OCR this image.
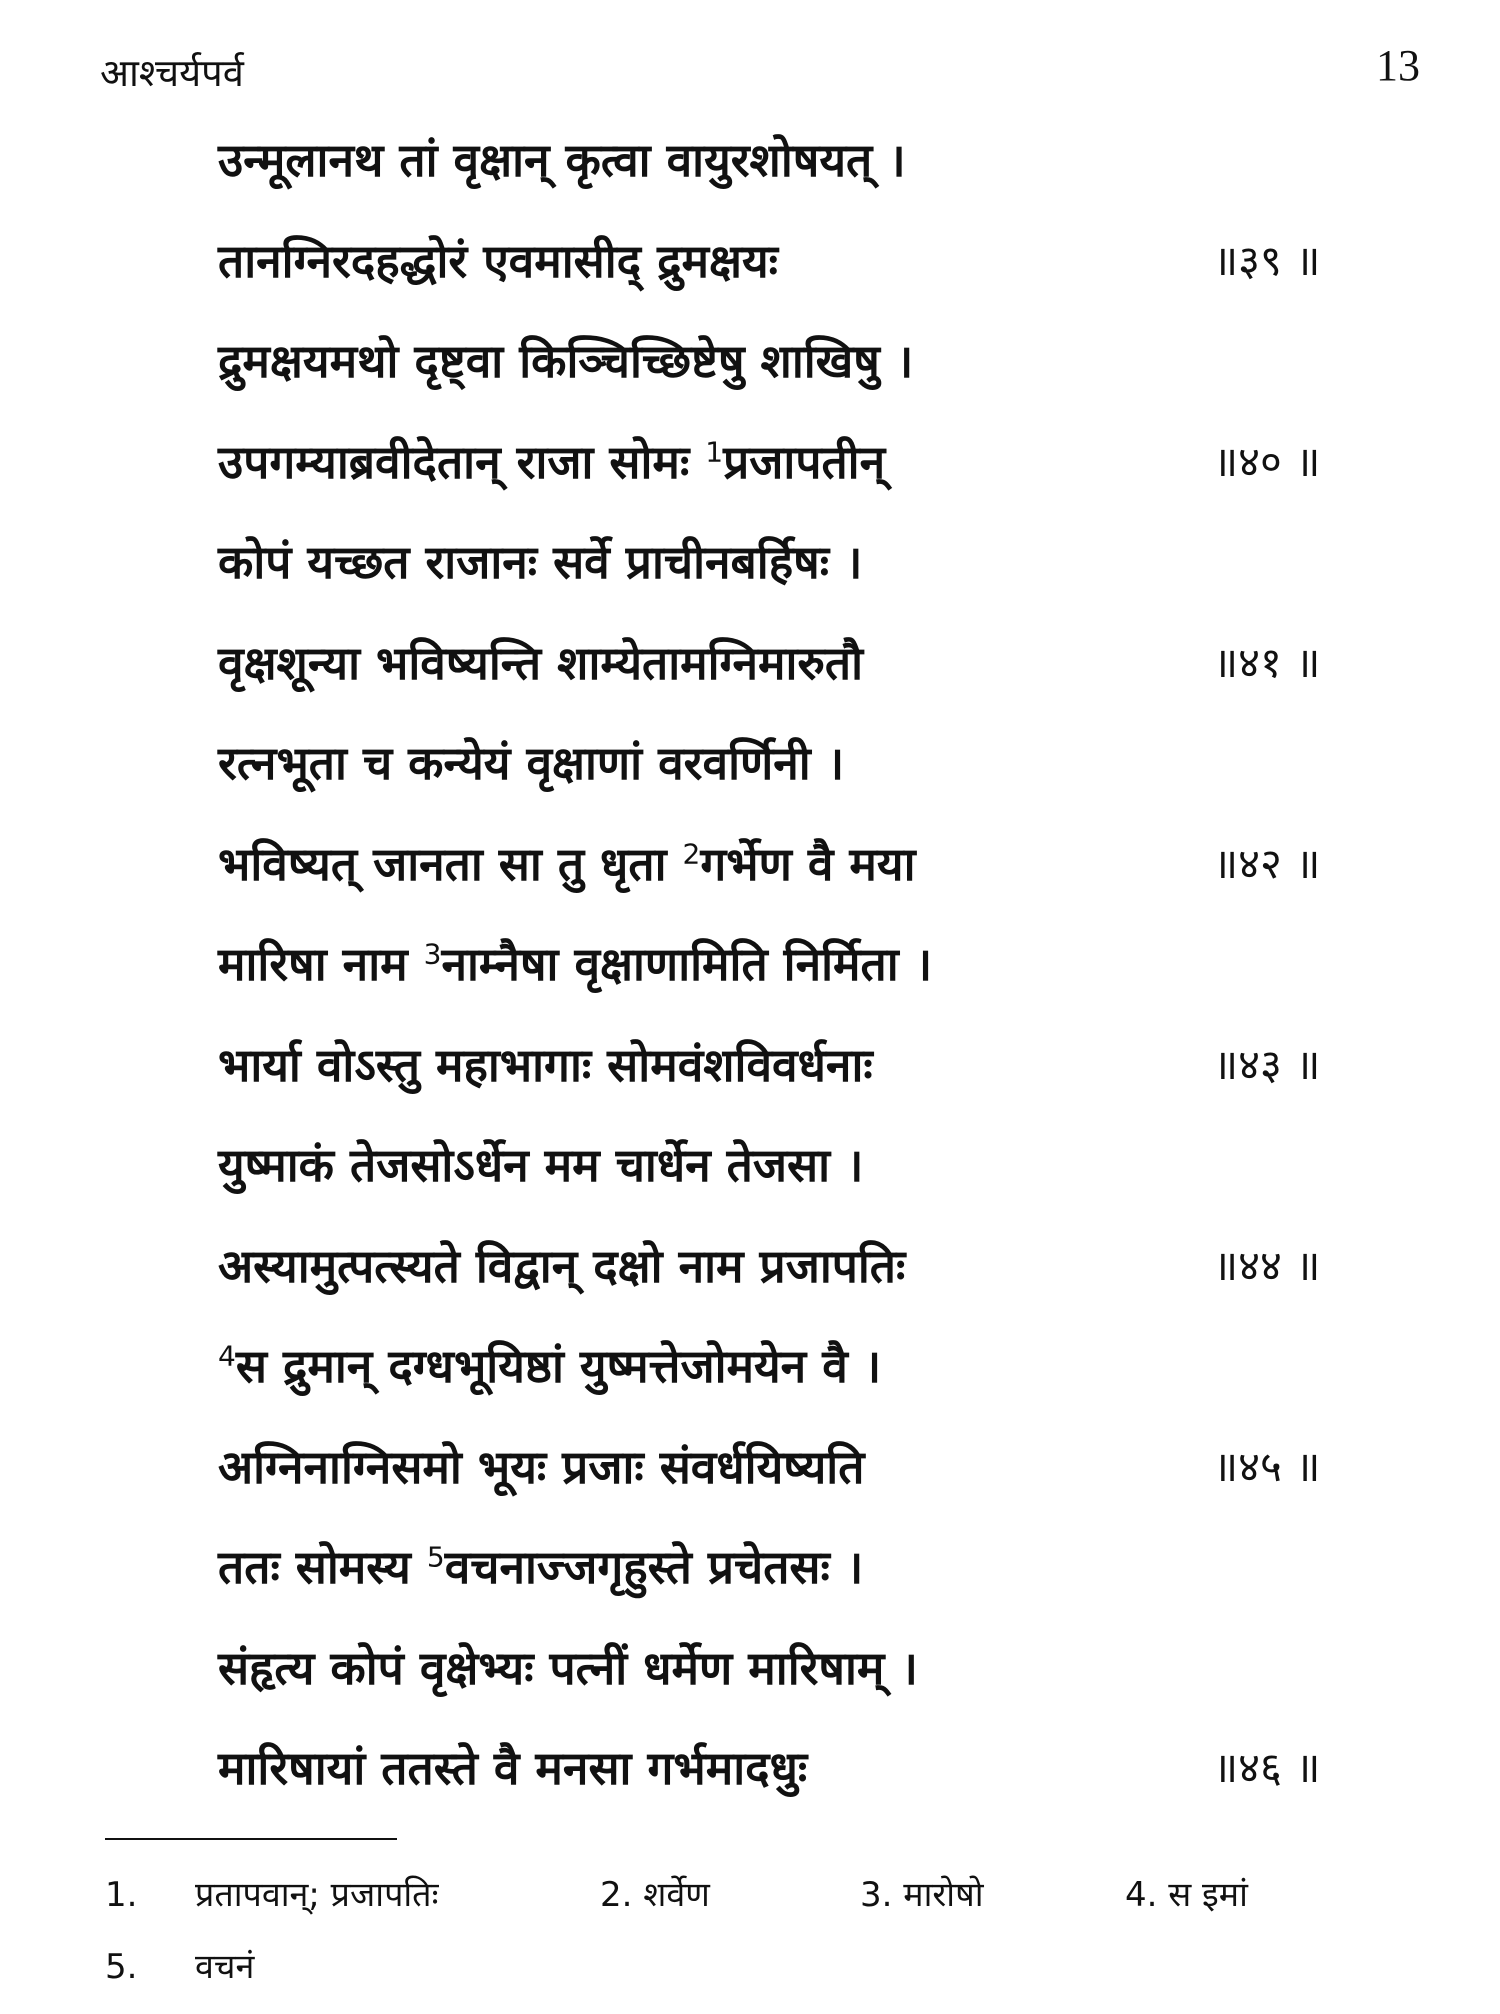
आश्चर्यपर्व	13
उन्मूलानथ तां वृक्षान् कृत्वा वायुरशोषयत् ।
तानग्निरदहद्धोरं एवमासीद् द्रुमक्षयः	॥३९ ॥
द्रुमक्षयमथो दृष्ट्वा किञ्चिच्छिष्टेषु शाखिषु ।
उपगम्याब्रवीदेतान् राजा सोमः $^1$प्रजापतीन्	॥४० ॥
कोपं यच्छत राजानः सर्वे प्राचीनबर्हिषः ।
वृक्षशून्या भविष्यन्ति शाम्येतामग्निमारुतौ	॥४१ ॥
रत्नभूता च कन्येयं वृक्षाणां वरवर्णिनी ।
भविष्यत् जानता सा तु धृता $^2$गर्भेण वै मया	॥४२ ॥
मारिषा नाम $^3$नाम्नैषा वृक्षाणामिति निर्मिता ।
भार्या वोऽस्तु महाभागाः सोमवंशविवर्धनाः	॥४३ ॥
युष्माकं तेजसोऽर्धेन मम चार्धेन तेजसा ।
अस्यामुत्पत्स्यते विद्वान् दक्षो नाम प्रजापतिः	॥४४ ॥
$^4$स द्रुमान् दग्धभूयिष्ठां युष्मत्तेजोमयेन वै ।
अग्निनाग्निसमो भूयः प्रजाः संवर्धयिष्यति	॥४५ ॥
ततः सोमस्य $^5$वचनाज्जगृहुस्ते प्रचेतसः ।
संहृत्य कोपं वृक्षेभ्यः पत्नीं धर्मेण मारिषाम् ।
मारिषायां ततस्ते वै मनसा गर्भमादधुः	॥४६ ॥
1. प्रतापवान्; प्रजापतिः	2. शर्वेण	3. मारोषो	4. स इमां
5. वचनं
